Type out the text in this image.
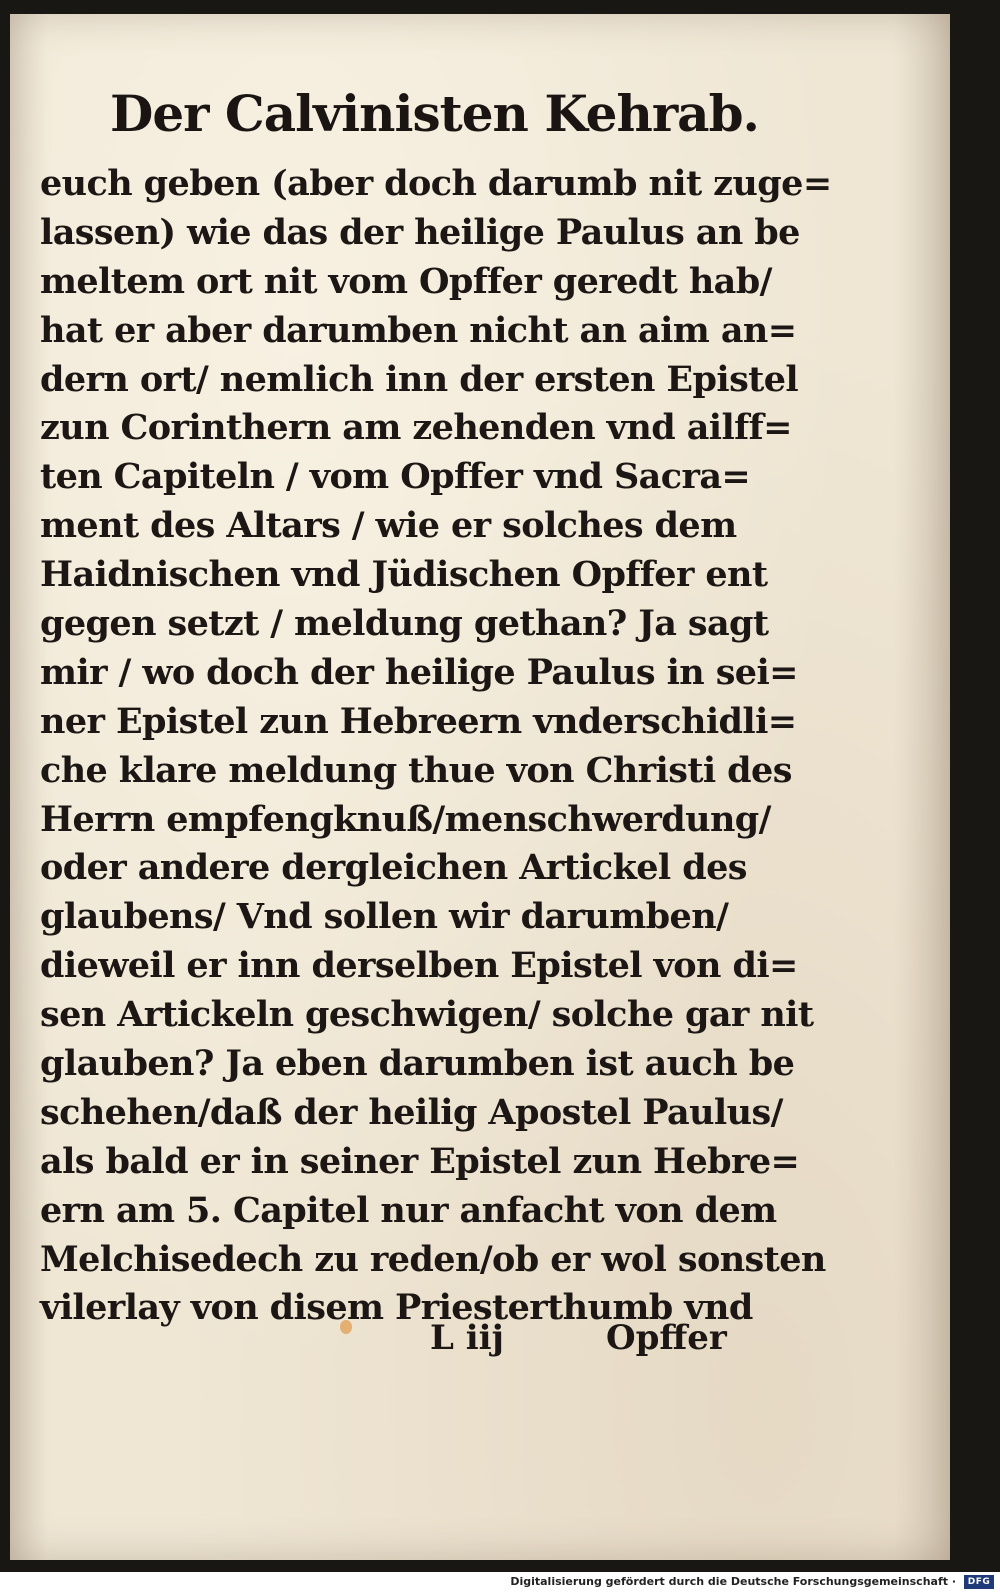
Der Calvinisten Kehrab.
euch geben (aber doch darumb nit zuge=
lassen) wie das der heilige Paulus an be
meltem ort nit vom Opffer geredt hab/
hat er aber darumben nicht an aim an=
dern ort/ nemlich inn der ersten Epistel
zun Corinthern am zehenden vnd ailff=
ten Capiteln / vom Opffer vnd Sacra=
ment des Altars / wie er solches dem
Haidnischen vnd Jüdischen Opffer ent
gegen setzt / meldung gethan? Ja sagt
mir / wo doch der heilige Paulus in sei=
ner Epistel zun Hebreern vnderschidli=
che klare meldung thue von Christi des
Herrn empfengknuß/menschwerdung/
oder andere dergleichen Artickel des
glaubens/ Vnd sollen wir darumben/
dieweil er inn derselben Epistel von di=
sen Artickeln geschwigen/ solche gar nit
glauben? Ja eben darumben ist auch be
schehen/daß der heilig Apostel Paulus/
als bald er in seiner Epistel zun Hebre=
ern am 5. Capitel nur anfacht von dem
Melchisedech zu reden/ob er wol sonsten
vilerlay von disem Priesterthumb vnd
L iij	Opffer
Digitalisierung gefördert durch die Deutsche Forschungsgemeinschaft ·	DFG
